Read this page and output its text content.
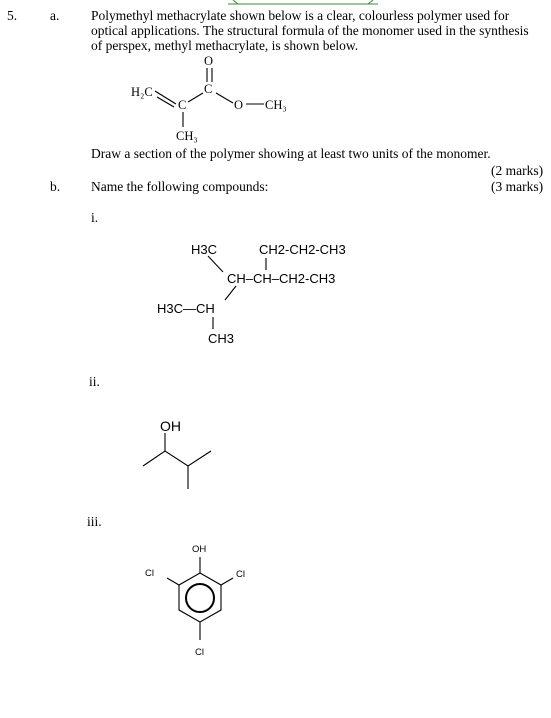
5. a. Polymethyl methacrylate shown below is a clear, colourless polymer used for optical applications. The structural formula of the monomer used in the synthesis of perspex, methyl methacrylate, is shown below.
H₂C
C
C
O
O CH₃
CH₃
Draw a section of the polymer showing at least two units of the monomer.
(2 marks)
b. Name the following compounds:	(3 marks)
i.
H3C	CH2-CH2-CH3
CH–CH–CH2-CH3
H3C—CH
CH3
ii.
OH
iii.
OH
Cl	Cl
Cl
